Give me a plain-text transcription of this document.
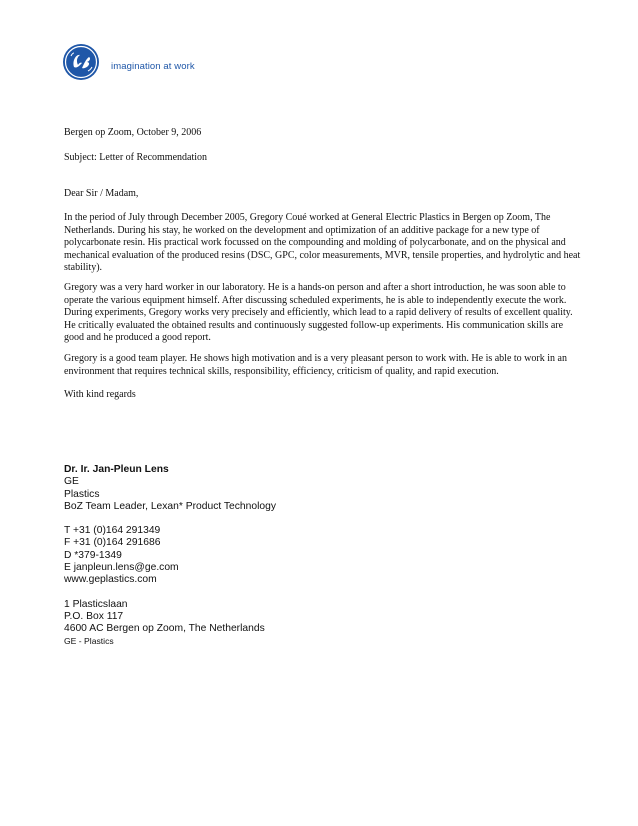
imagination at work
Bergen op Zoom, October 9, 2006
Subject: Letter of Recommendation
Dear Sir / Madam,

In the period of July through December 2005, Gregory Coué worked at General Electric Plastics in Bergen op Zoom, The Netherlands. During his stay, he worked on the development and optimization of an additive package for a new type of polycarbonate resin. His practical work focussed on the compounding and molding of polycarbonate, and on the physical and mechanical evaluation of the produced resins (DSC, GPC, color measurements, MVR, tensile properties, and hydrolytic and heat stability).

Gregory was a very hard worker in our laboratory. He is a hands-on person and after a short introduction, he was soon able to operate the various equipment himself. After discussing scheduled experiments, he is able to independently execute the work. During experiments, Gregory works very precisely and efficiently, which lead to a rapid delivery of results of excellent quality. He critically evaluated the obtained results and continuously suggested follow-up experiments. His communication skills are good and he produced a good report.

Gregory is a good team player. He shows high motivation and is a very pleasant person to work with. He is able to work in an environment that requires technical skills, responsibility, efficiency, criticism of quality, and rapid execution.

With kind regards
Dr. Ir. Jan-Pleun Lens
GE
Plastics
BoZ Team Leader, Lexan* Product Technology
T +31 (0)164 291349
F +31 (0)164 291686
D *379-1349
E janpleun.lens@ge.com
www.geplastics.com
1 Plasticslaan
P.O. Box 117
4600 AC Bergen op Zoom, The Netherlands
GE - Plastics
